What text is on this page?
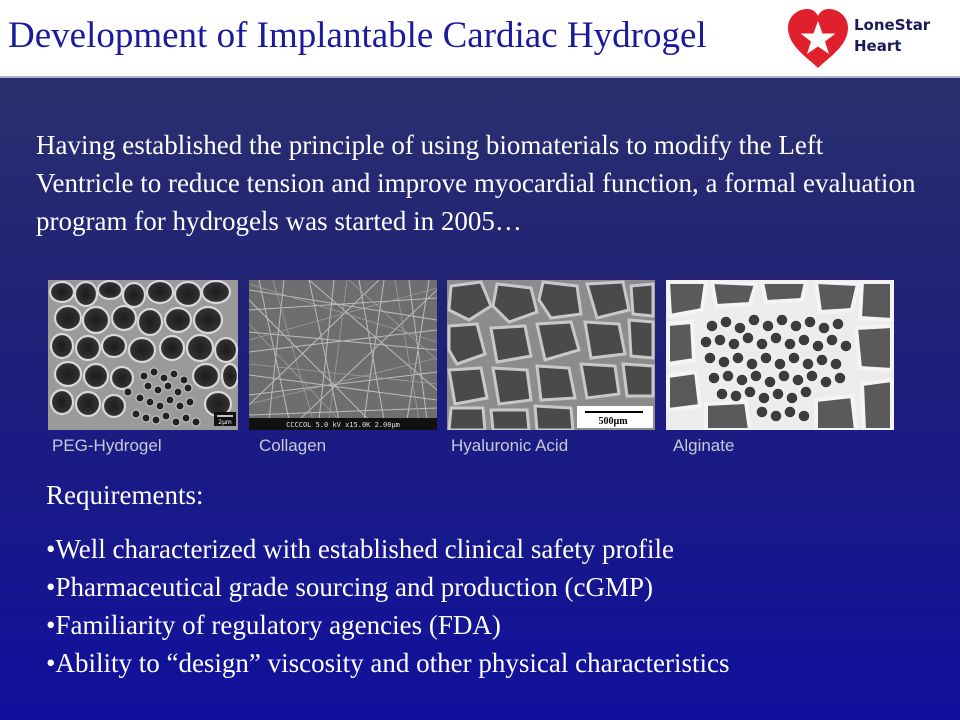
Development of Implantable Cardiac Hydrogel	LoneStar
Heart
Having established the principle of using biomaterials to modify the Left Ventricle to reduce tension and improve myocardial function, a formal evaluation program for hydrogels was started in 2005…
2µm	CCCCOL 5.0 kV x15.0K 2.00µm	500µm
PEG-Hydrogel	Collagen	Hyaluronic Acid	Alginate
Requirements:
•Well characterized with established clinical safety profile
•Pharmaceutical grade sourcing and production (cGMP)
•Familiarity of regulatory agencies (FDA)
•Ability to “design” viscosity and other physical characteristics
